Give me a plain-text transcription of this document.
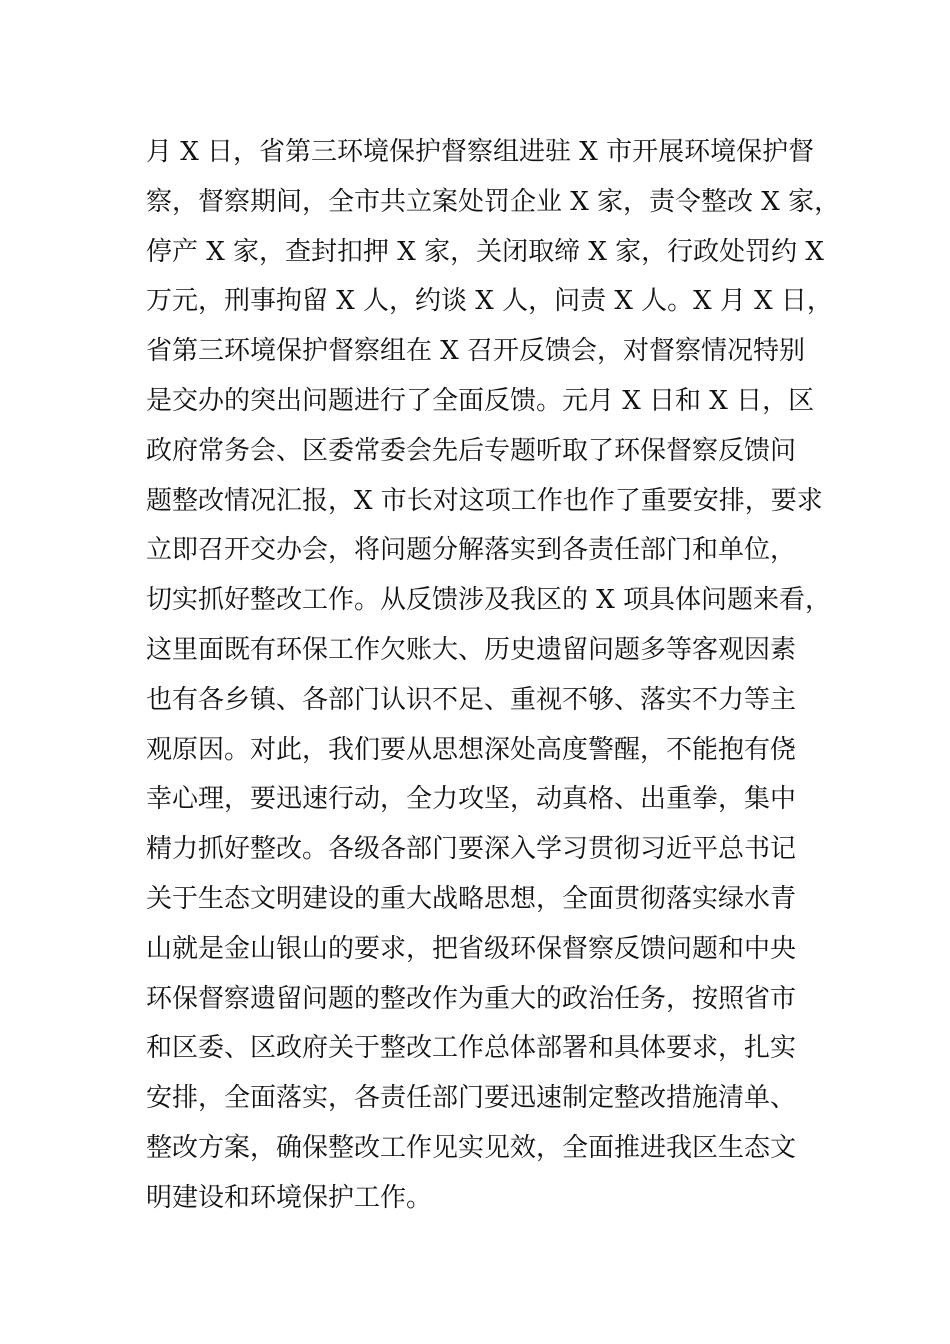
月 X 日，省第三环境保护督察组进驻 X 市开展环境保护督
察，督察期间，全市共立案处罚企业 X 家，责令整改 X 家，
停产 X 家，查封扣押 X 家，关闭取缔 X 家，行政处罚约 X
万元，刑事拘留 X 人，约谈 X 人，问责 X 人。X 月 X 日，
省第三环境保护督察组在 X 召开反馈会，对督察情况特别
是交办的突出问题进行了全面反馈。元月 X 日和 X 日，区
政府常务会、区委常委会先后专题听取了环保督察反馈问
题整改情况汇报，X 市长对这项工作也作了重要安排，要求
立即召开交办会，将问题分解落实到各责任部门和单位，
切实抓好整改工作。从反馈涉及我区的 X 项具体问题来看，
这里面既有环保工作欠账大、历史遗留问题多等客观因素
也有各乡镇、各部门认识不足、重视不够、落实不力等主
观原因。对此，我们要从思想深处高度警醒，不能抱有侥
幸心理，要迅速行动，全力攻坚，动真格、出重拳，集中
精力抓好整改。各级各部门要深入学习贯彻习近平总书记
关于生态文明建设的重大战略思想，全面贯彻落实绿水青
山就是金山银山的要求，把省级环保督察反馈问题和中央
环保督察遗留问题的整改作为重大的政治任务，按照省市
和区委、区政府关于整改工作总体部署和具体要求，扎实
安排，全面落实，各责任部门要迅速制定整改措施清单、
整改方案，确保整改工作见实见效，全面推进我区生态文
明建设和环境保护工作。
